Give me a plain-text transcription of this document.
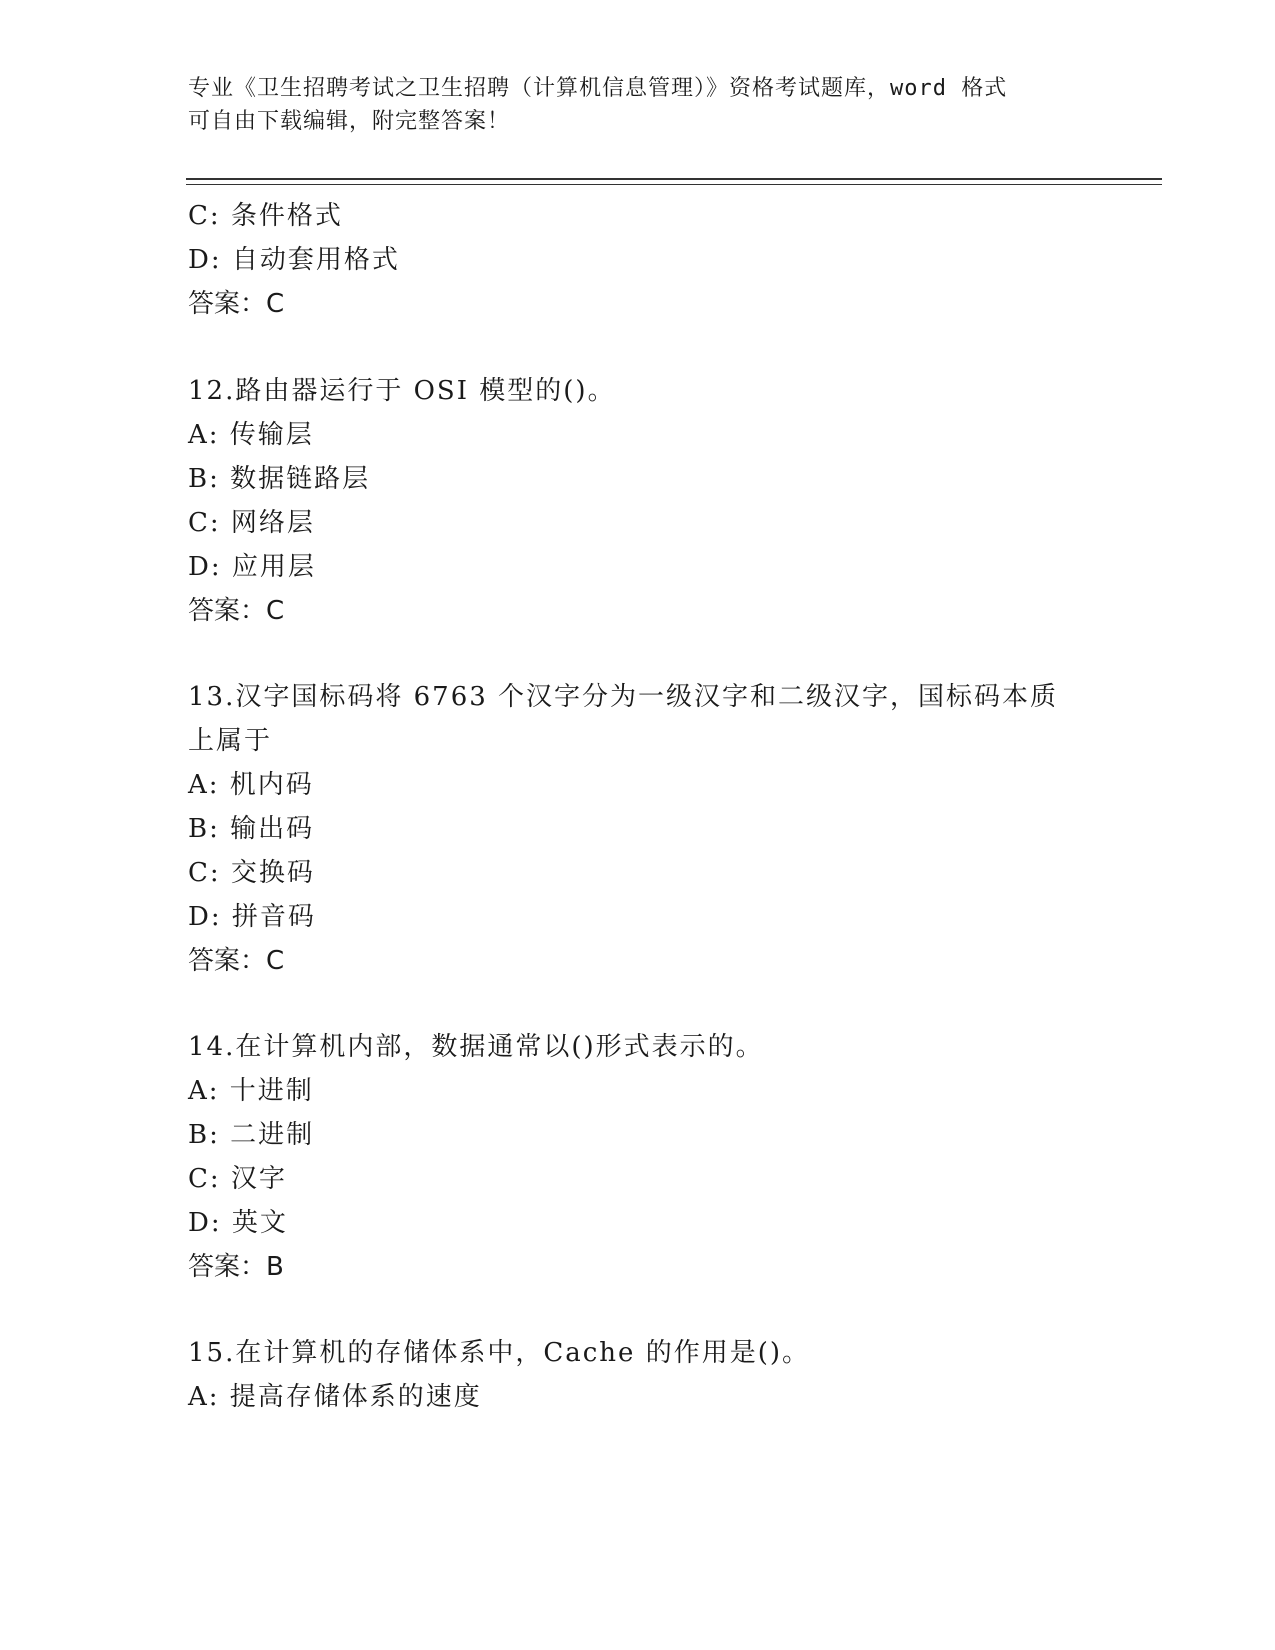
专业《卫生招聘考试之卫生招聘（计算机信息管理）》资格考试题库，word 格式
可自由下载编辑，附完整答案！
C: 条件格式
D: 自动套用格式
答案：C
12.路由器运行于 OSI 模型的()。
A: 传输层
B: 数据链路层
C: 网络层
D: 应用层
答案：C
13.汉字国标码将 6763 个汉字分为一级汉字和二级汉字，国标码本质
上属于
A: 机内码
B: 输出码
C: 交换码
D: 拼音码
答案：C
14.在计算机内部，数据通常以()形式表示的。
A: 十进制
B: 二进制
C: 汉字
D: 英文
答案：B
15.在计算机的存储体系中，Cache 的作用是()。
A: 提高存储体系的速度
